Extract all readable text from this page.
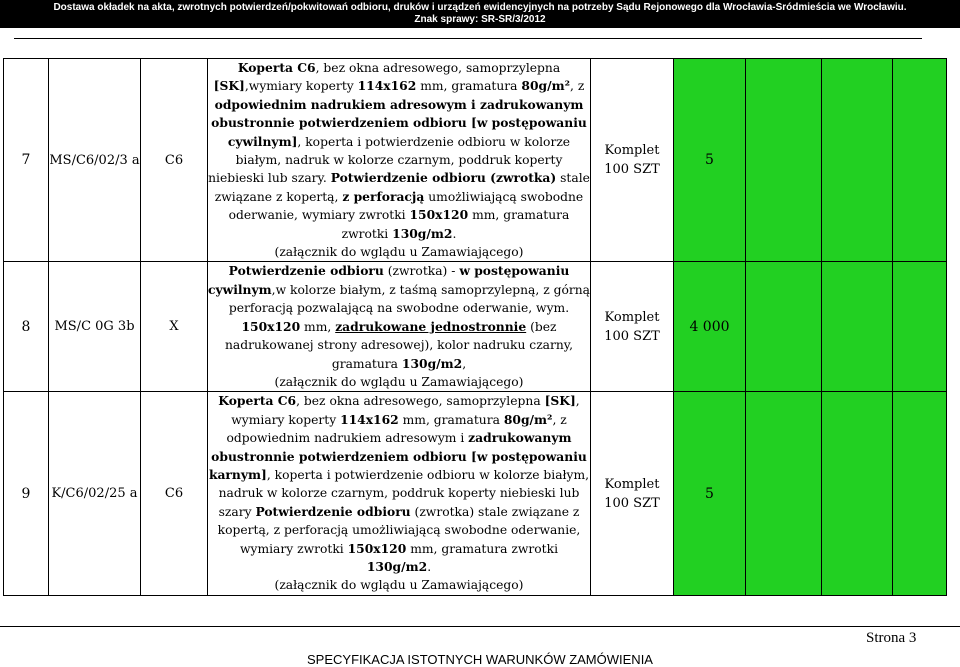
Dostawa okładek na akta, zwrotnych potwierdzeń/pokwitowań odbioru, druków i urządzeń ewidencyjnych na potrzeby Sądu Rejonowego dla Wrocławia-Śródmieścia we Wrocławiu.
Znak sprawy: SR-ŚR/3/2012
7	MS/C6/02/3 a	C6	Koperta C6, bez okna adresowego, samoprzylepna [SK],wymiary koperty 114x162 mm, gramatura 80g/m², z odpowiednim nadrukiem adresowym i zadrukowanym obustronnie potwierdzeniem odbioru [w postępowaniu cywilnym], koperta i potwierdzenie odbioru w kolorze białym, nadruk w kolorze czarnym, poddruk koperty niebieski lub szary. Potwierdzenie odbioru (zwrotka) stale związane z kopertą, z perforacją umożliwiającą swobodne oderwanie, wymiary zwrotki 150x120 mm, gramatura zwrotki 130g/m2.
(załącznik do wglądu u Zamawiającego)	Komplet
100 SZT	5			
8	MS/C 0G 3b	X	Potwierdzenie odbioru (zwrotka) - w postępowaniu cywilnym,w kolorze białym, z taśmą samoprzylepną, z górną perforacją pozwalającą na swobodne oderwanie, wym. 150x120 mm, zadrukowane jednostronnie (bez nadrukowanej strony adresowej), kolor nadruku czarny, gramatura 130g/m2,
(załącznik do wglądu u Zamawiającego)	Komplet
100 SZT	4 000			
9	K/C6/02/25 a	C6	Koperta C6, bez okna adresowego, samoprzylepna [SK], wymiary koperty 114x162 mm, gramatura 80g/m², z odpowiednim nadrukiem adresowym i zadrukowanym obustronnie potwierdzeniem odbioru [w postępowaniu karnym], koperta i potwierdzenie odbioru w kolorze białym, nadruk w kolorze czarnym, poddruk koperty niebieski lub szary Potwierdzenie odbioru (zwrotka) stale związane z kopertą, z perforacją umożliwiającą swobodne oderwanie, wymiary zwrotki 150x120 mm, gramatura zwrotki 130g/m2.
(załącznik do wglądu u Zamawiającego)	Komplet
100 SZT	5			
Strona 3
SPECYFIKACJA ISTOTNYCH WARUNKÓW ZAMÓWIENIA
